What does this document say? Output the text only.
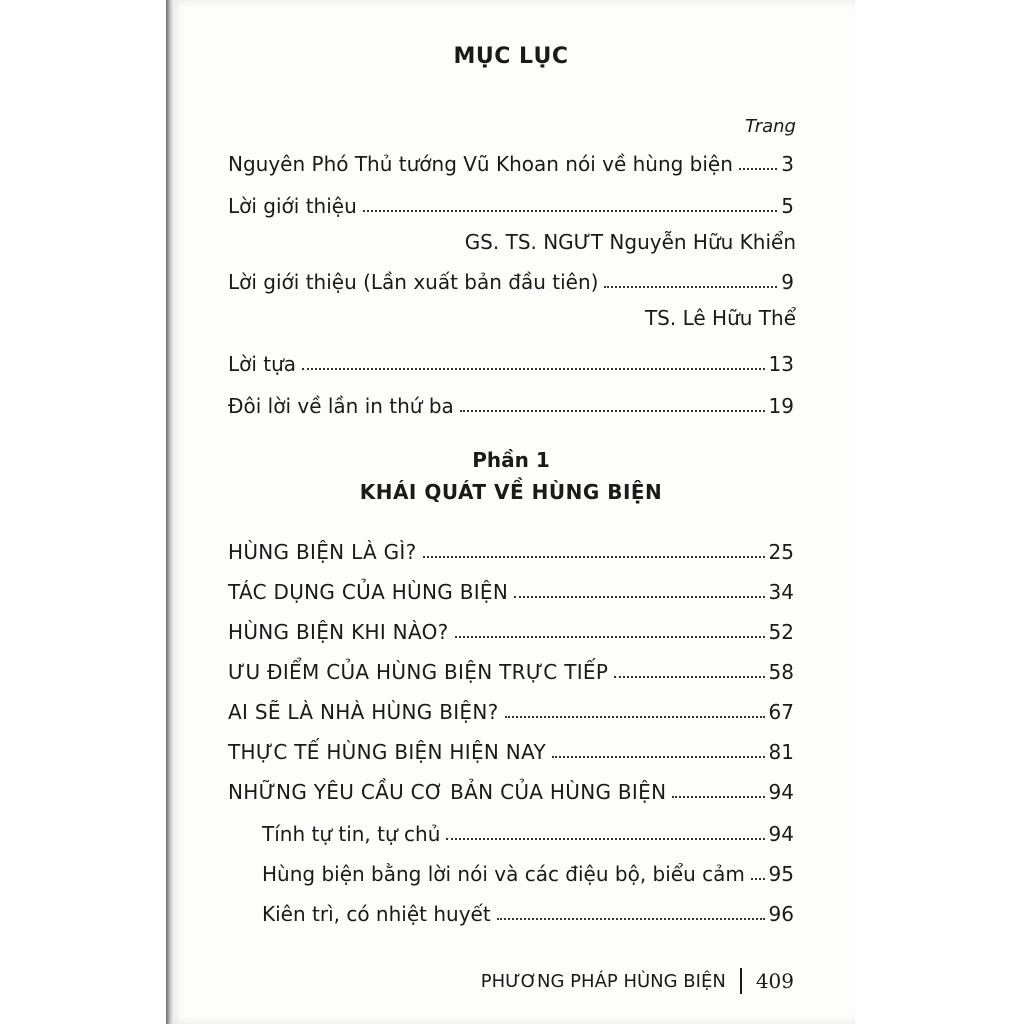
MỤC LỤC
Trang
Nguyên Phó Thủ tướng Vũ Khoan nói về hùng biện 3
Lời giới thiệu	5
GS. TS. NGƯT Nguyễn Hữu Khiển
Lời giới thiệu (Lần xuất bản đầu tiên)	9
TS. Lê Hữu Thể
Lời tựa	13
Đôi lời về lần in thứ ba	19
Phần 1
KHÁI QUÁT VỀ HÙNG BIỆN
HÙNG BIỆN LÀ GÌ?	25
TÁC DỤNG CỦA HÙNG BIỆN	34
HÙNG BIỆN KHI NÀO?	52
ƯU ĐIỂM CỦA HÙNG BIỆN TRỰC TIẾP	58
AI SẼ LÀ NHÀ HÙNG BIỆN?	67
THỰC TẾ HÙNG BIỆN HIỆN NAY	81
NHỮNG YÊU CẦU CƠ BẢN CỦA HÙNG BIỆN	94
Tính tự tin, tự chủ	94
Hùng biện bằng lời nói và các điệu bộ, biểu cảm 95
Kiên trì, có nhiệt huyết	96
PHƯƠNG PHÁP HÙNG BIỆN 409
